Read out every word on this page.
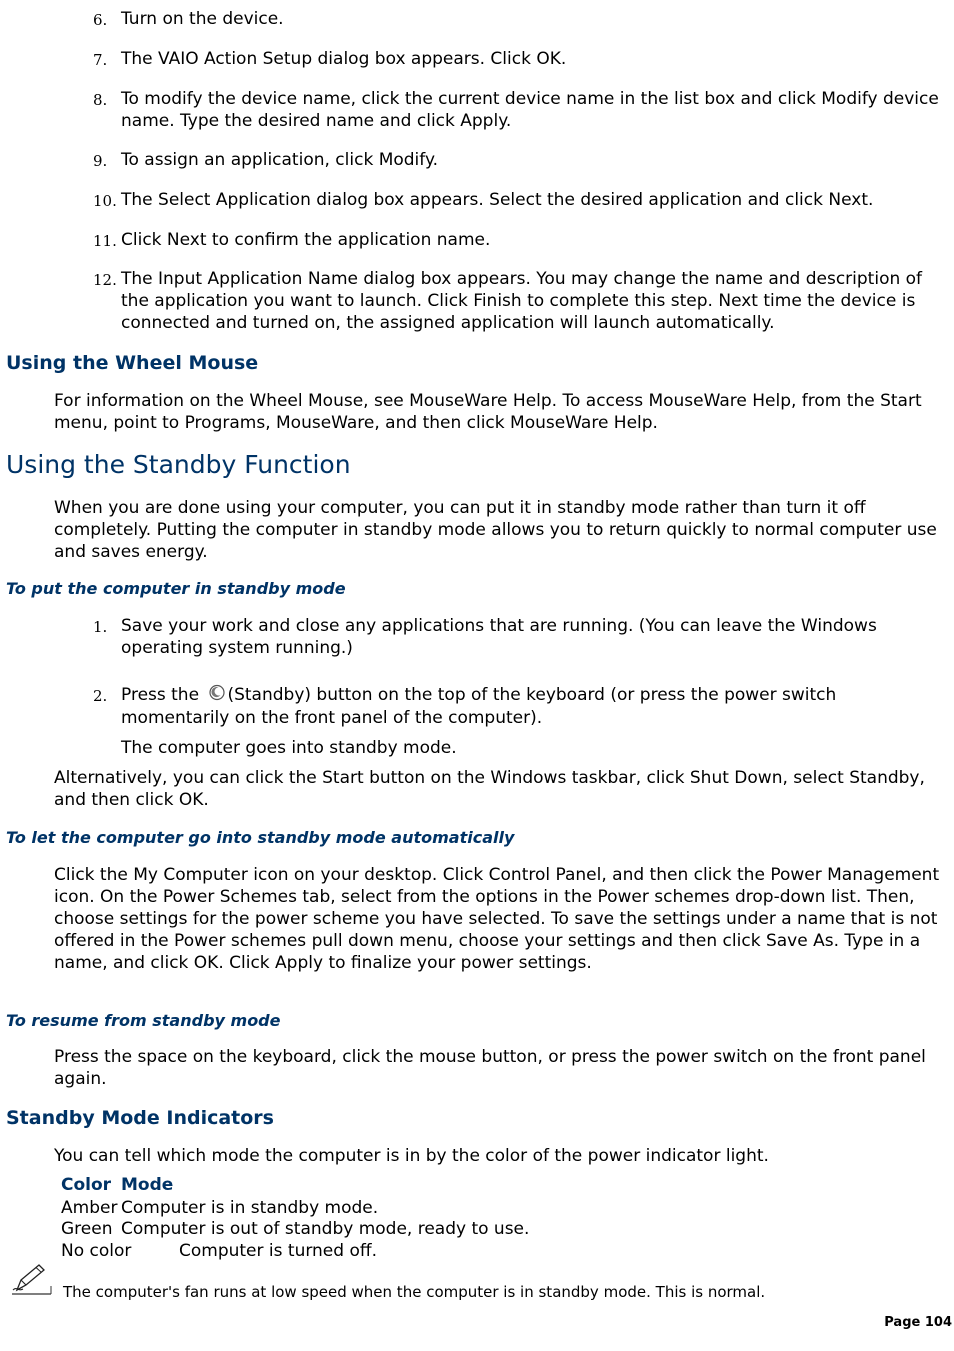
6. Turn on the device.
7. The VAIO Action Setup dialog box appears. Click OK.
8. To modify the device name, click the current device name in the list box and click Modify device name. Type the desired name and click Apply.
9. To assign an application, click Modify.
10. The Select Application dialog box appears. Select the desired application and click Next.
11. Click Next to confirm the application name.
12. The Input Application Name dialog box appears. You may change the name and description of the application you want to launch. Click Finish to complete this step. Next time the device is connected and turned on, the assigned application will launch automatically.
Using the Wheel Mouse
For information on the Wheel Mouse, see MouseWare Help. To access MouseWare Help, from the Start menu, point to Programs, MouseWare, and then click MouseWare Help.
Using the Standby Function
When you are done using your computer, you can put it in standby mode rather than turn it off completely. Putting the computer in standby mode allows you to return quickly to normal computer use and saves energy.
To put the computer in standby mode
1. Save your work and close any applications that are running. (You can leave the Windows operating system running.)
2. Press the (Standby) button on the top of the keyboard (or press the power switch momentarily on the front panel of the computer).
The computer goes into standby mode.
Alternatively, you can click the Start button on the Windows taskbar, click Shut Down, select Standby, and then click OK.
To let the computer go into standby mode automatically
Click the My Computer icon on your desktop. Click Control Panel, and then click the Power Management icon. On the Power Schemes tab, select from the options in the Power schemes drop-down list. Then, choose settings for the power scheme you have selected. To save the settings under a name that is not offered in the Power schemes pull down menu, choose your settings and then click Save As. Type in a name, and click OK. Click Apply to finalize your power settings.
To resume from standby mode
Press the space on the keyboard, click the mouse button, or press the power switch on the front panel again.
Standby Mode Indicators
You can tell which mode the computer is in by the color of the power indicator light.
Color Mode
Amber Computer is in standby mode.
Green Computer is out of standby mode, ready to use.
No color	Computer is turned off.
The computer's fan runs at low speed when the computer is in standby mode. This is normal.
Page 104
